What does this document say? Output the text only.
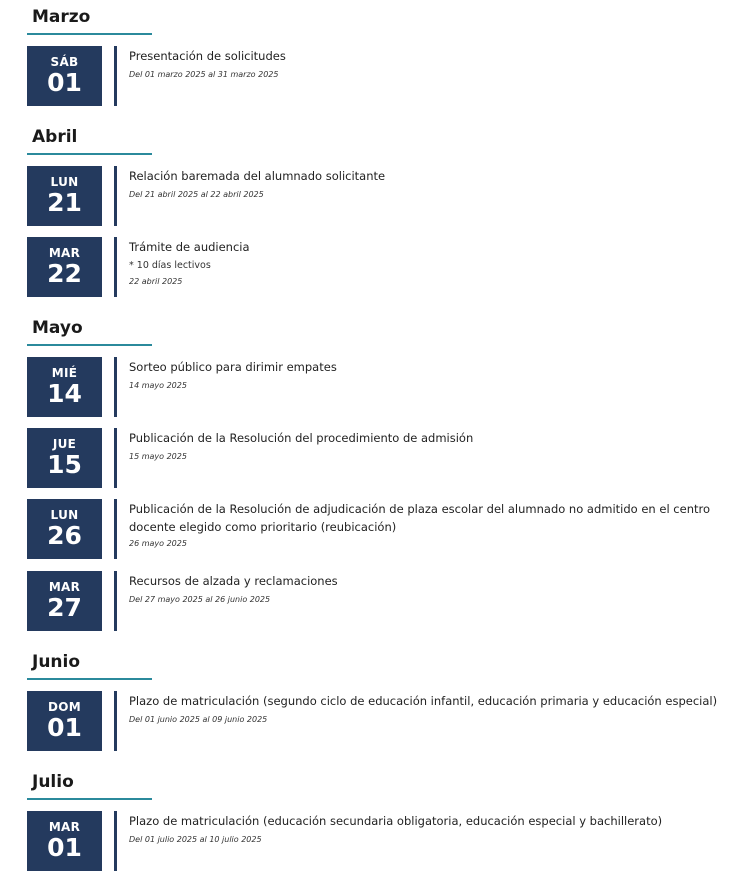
Marzo
SÁB
01
Presentación de solicitudes
Del 01 marzo 2025 al 31 marzo 2025
Abril
LUN
21
Relación baremada del alumnado solicitante
Del 21 abril 2025 al 22 abril 2025
MAR
22
Trámite de audiencia
* 10 días lectivos
22 abril 2025
Mayo
MIÉ
14
Sorteo público para dirimir empates
14 mayo 2025
JUE
15
Publicación de la Resolución del procedimiento de admisión
15 mayo 2025
LUN
26
Publicación de la Resolución de adjudicación de plaza escolar del alumnado no admitido en el centro docente elegido como prioritario (reubicación)
26 mayo 2025
MAR
27
Recursos de alzada y reclamaciones
Del 27 mayo 2025 al 26 junio 2025
Junio
DOM
01
Plazo de matriculación (segundo ciclo de educación infantil, educación primaria y educación especial)
Del 01 junio 2025 al 09 junio 2025
Julio
MAR
01
Plazo de matriculación (educación secundaria obligatoria, educación especial y bachillerato)
Del 01 julio 2025 al 10 julio 2025
